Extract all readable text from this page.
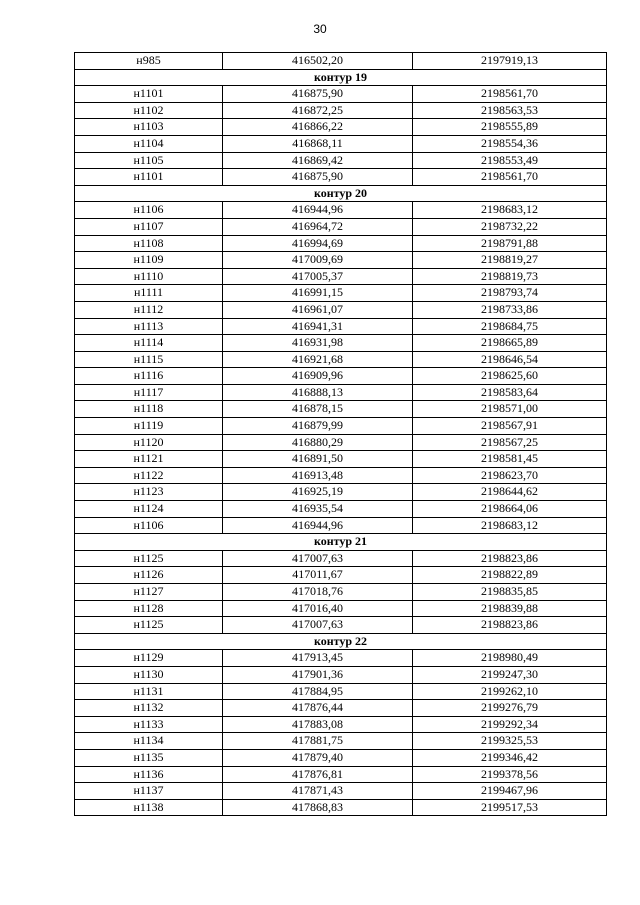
30
н985	416502,20	2197919,13
контур 19		
н1101	416875,90	2198561,70
н1102	416872,25	2198563,53
н1103	416866,22	2198555,89
н1104	416868,11	2198554,36
н1105	416869,42	2198553,49
н1101	416875,90	2198561,70
контур 20		
н1106	416944,96	2198683,12
н1107	416964,72	2198732,22
н1108	416994,69	2198791,88
н1109	417009,69	2198819,27
н1110	417005,37	2198819,73
н1111	416991,15	2198793,74
н1112	416961,07	2198733,86
н1113	416941,31	2198684,75
н1114	416931,98	2198665,89
н1115	416921,68	2198646,54
н1116	416909,96	2198625,60
н1117	416888,13	2198583,64
н1118	416878,15	2198571,00
н1119	416879,99	2198567,91
н1120	416880,29	2198567,25
н1121	416891,50	2198581,45
н1122	416913,48	2198623,70
н1123	416925,19	2198644,62
н1124	416935,54	2198664,06
н1106	416944,96	2198683,12
контур 21		
н1125	417007,63	2198823,86
н1126	417011,67	2198822,89
н1127	417018,76	2198835,85
н1128	417016,40	2198839,88
н1125	417007,63	2198823,86
контур 22		
н1129	417913,45	2198980,49
н1130	417901,36	2199247,30
н1131	417884,95	2199262,10
н1132	417876,44	2199276,79
н1133	417883,08	2199292,34
н1134	417881,75	2199325,53
н1135	417879,40	2199346,42
н1136	417876,81	2199378,56
н1137	417871,43	2199467,96
н1138	417868,83	2199517,53
